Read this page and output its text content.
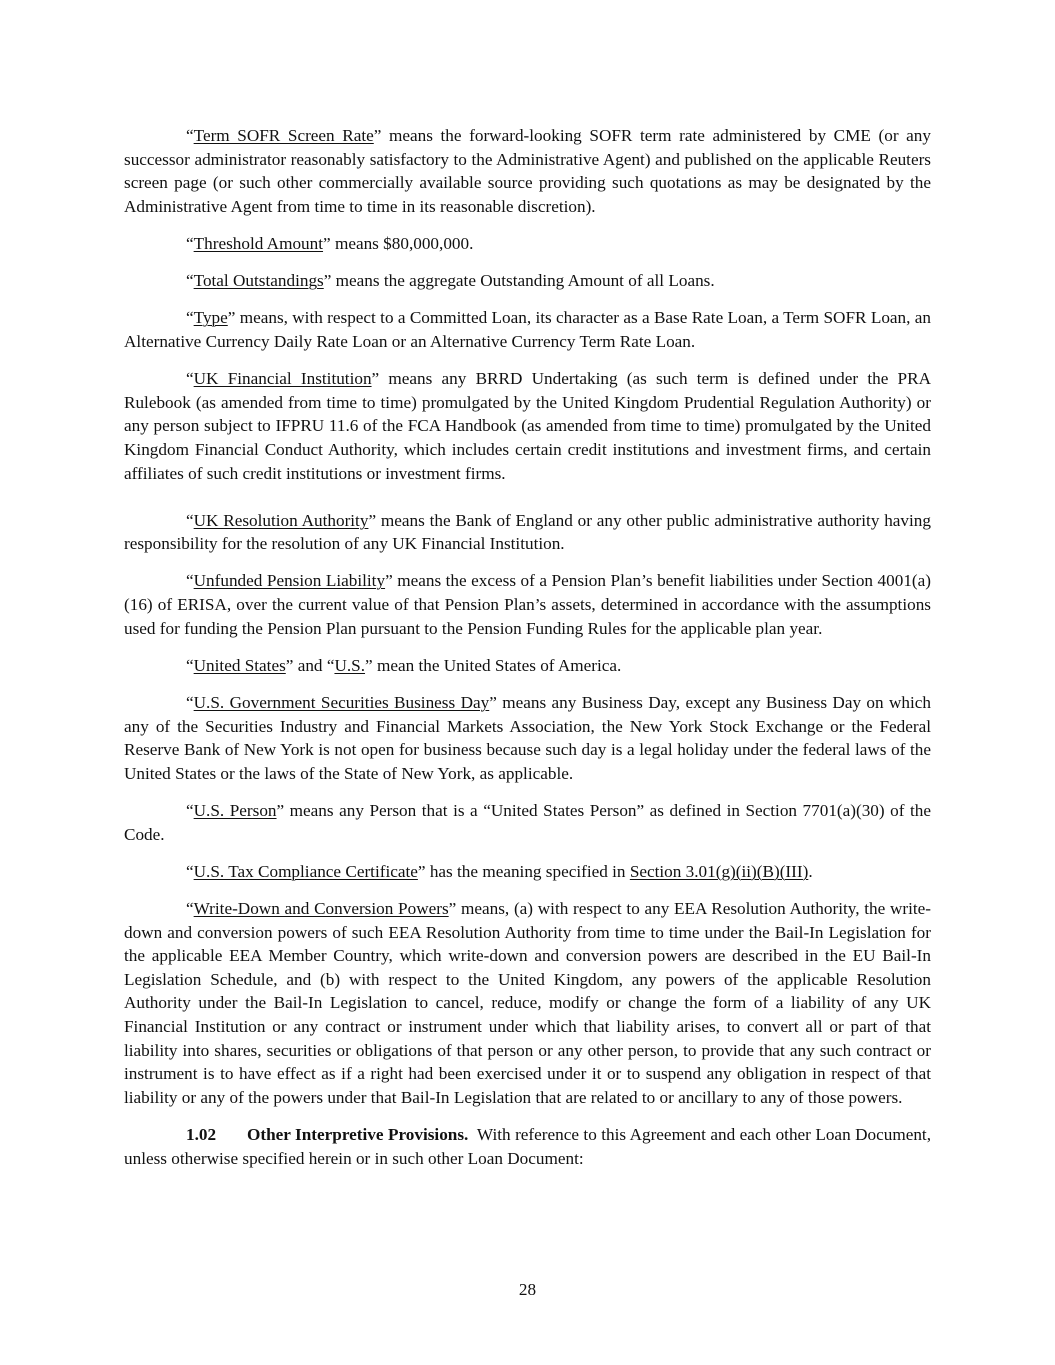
“Term SOFR Screen Rate” means the forward-looking SOFR term rate administered by CME (or any successor administrator reasonably satisfactory to the Administrative Agent) and published on the applicable Reuters screen page (or such other commercially available source providing such quotations as may be designated by the Administrative Agent from time to time in its reasonable discretion).

“Threshold Amount” means $80,000,000.

“Total Outstandings” means the aggregate Outstanding Amount of all Loans.

“Type” means, with respect to a Committed Loan, its character as a Base Rate Loan, a Term SOFR Loan, an Alternative Currency Daily Rate Loan or an Alternative Currency Term Rate Loan.

“UK Financial Institution” means any BRRD Undertaking (as such term is defined under the PRA Rulebook (as amended from time to time) promulgated by the United Kingdom Prudential Regulation Authority) or any person subject to IFPRU 11.6 of the FCA Handbook (as amended from time to time) promulgated by the United Kingdom Financial Conduct Authority, which includes certain credit institutions and investment firms, and certain affiliates of such credit institutions or investment firms.

“UK Resolution Authority” means the Bank of England or any other public administrative authority having responsibility for the resolution of any UK Financial Institution.

“Unfunded Pension Liability” means the excess of a Pension Plan’s benefit liabilities under Section 4001(a)(16) of ERISA, over the current value of that Pension Plan’s assets, determined in accordance with the assumptions used for funding the Pension Plan pursuant to the Pension Funding Rules for the applicable plan year.

“United States” and “U.S.” mean the United States of America.

“U.S. Government Securities Business Day” means any Business Day, except any Business Day on which any of the Securities Industry and Financial Markets Association, the New York Stock Exchange or the Federal Reserve Bank of New York is not open for business because such day is a legal holiday under the federal laws of the United States or the laws of the State of New York, as applicable.

“U.S. Person” means any Person that is a “United States Person” as defined in Section 7701(a)(30) of the Code.

“U.S. Tax Compliance Certificate” has the meaning specified in Section 3.01(g)(ii)(B)(III).

“Write-Down and Conversion Powers” means, (a) with respect to any EEA Resolution Authority, the write-down and conversion powers of such EEA Resolution Authority from time to time under the Bail-In Legislation for the applicable EEA Member Country, which write-down and conversion powers are described in the EU Bail-In Legislation Schedule, and (b) with respect to the United Kingdom, any powers of the applicable Resolution Authority under the Bail-In Legislation to cancel, reduce, modify or change the form of a liability of any UK Financial Institution or any contract or instrument under which that liability arises, to convert all or part of that liability into shares, securities or obligations of that person or any other person, to provide that any such contract or instrument is to have effect as if a right had been exercised under it or to suspend any obligation in respect of that liability or any of the powers under that Bail-In Legislation that are related to or ancillary to any of those powers.

1.02 Other Interpretive Provisions.  With reference to this Agreement and each other Loan Document, unless otherwise specified herein or in such other Loan Document:

28
